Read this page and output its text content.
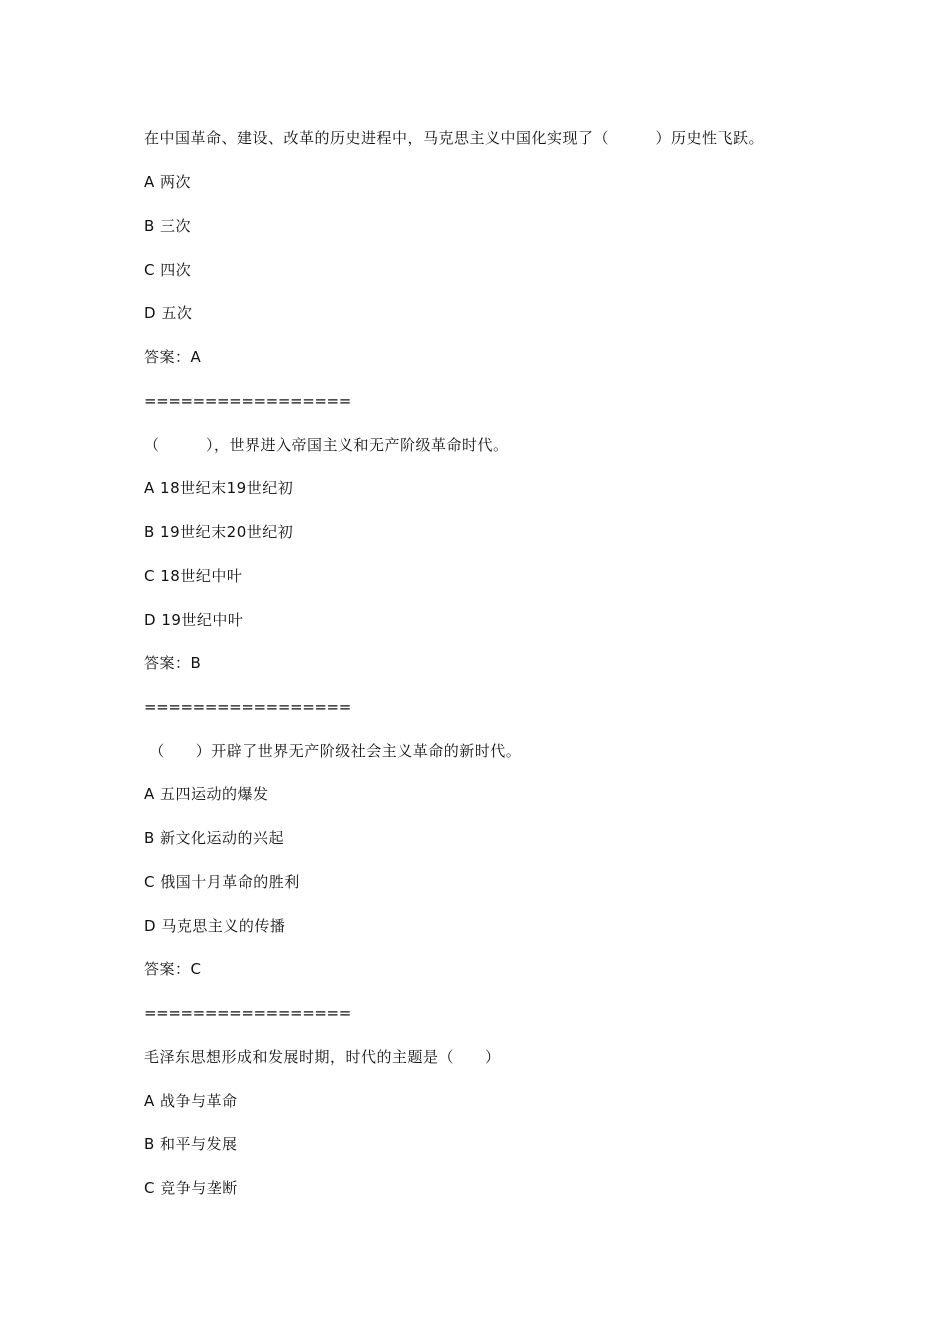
在中国革命、建设、改革的历史进程中，马克思主义中国化实现了（　　　）历史性飞跃。
A 两次
B 三次
C 四次
D 五次
答案：A
=================
（　　　），世界进入帝国主义和无产阶级革命时代。
A 18世纪末19世纪初
B 19世纪末20世纪初
C 18世纪中叶
D 19世纪中叶
答案：B
=================
（　　）开辟了世界无产阶级社会主义革命的新时代。
A 五四运动的爆发
B 新文化运动的兴起
C 俄国十月革命的胜利
D 马克思主义的传播
答案：C
=================
毛泽东思想形成和发展时期，时代的主题是（　　）
A 战争与革命
B 和平与发展
C 竞争与垄断
